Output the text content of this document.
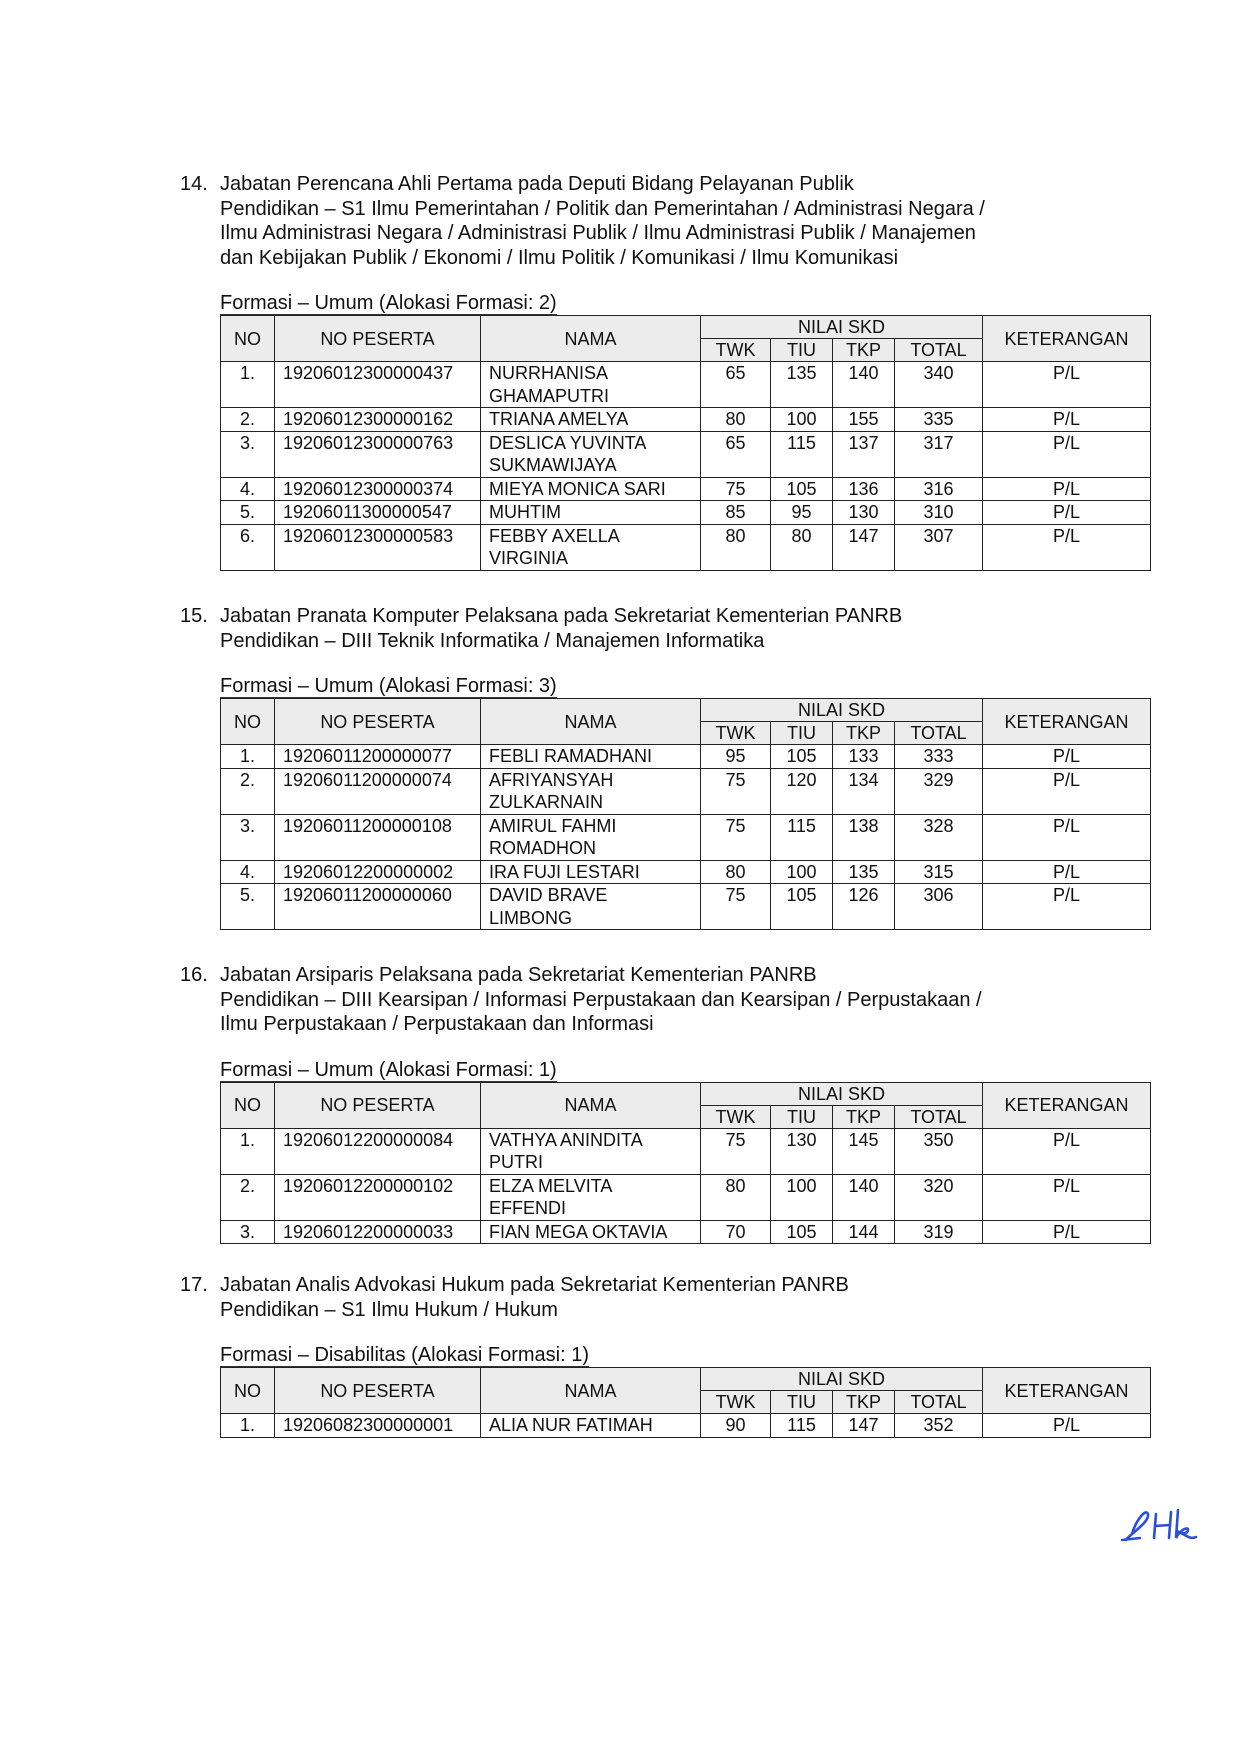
14. Jabatan Perencana Ahli Pertama pada Deputi Bidang Pelayanan Publik
Pendidikan – S1 Ilmu Pemerintahan / Politik dan Pemerintahan / Administrasi Negara /
Ilmu Administrasi Negara / Administrasi Publik / Ilmu Administrasi Publik / Manajemen
dan Kebijakan Publik / Ekonomi / Ilmu Politik / Komunikasi / Ilmu Komunikasi
Formasi – Umum (Alokasi Formasi: 2)
NO	NO PESERTA	NAMA	NILAI SKD				KETERANGAN
			TWK	TIU	TKP	TOTAL	
1.	19206012300000437	NURRHANISA GHAMAPUTRI	65	135	140	340	P/L
2.	19206012300000162	TRIANA AMELYA	80	100	155	335	P/L
3.	19206012300000763	DESLICA YUVINTA SUKMAWIJAYA	65	115	137	317	P/L
4.	19206012300000374	MIEYA MONICA SARI	75	105	136	316	P/L
5.	19206011300000547	MUHTIM	85	95	130	310	P/L
6.	19206012300000583	FEBBY AXELLA VIRGINIA	80	80	147	307	P/L
15. Jabatan Pranata Komputer Pelaksana pada Sekretariat Kementerian PANRB
Pendidikan – DIII Teknik Informatika / Manajemen Informatika
Formasi – Umum (Alokasi Formasi: 3)
NO	NO PESERTA	NAMA	NILAI SKD				KETERANGAN
			TWK	TIU	TKP	TOTAL	
1.	19206011200000077	FEBLI RAMADHANI	95	105	133	333	P/L
2.	19206011200000074	AFRIYANSYAH ZULKARNAIN	75	120	134	329	P/L
3.	19206011200000108	AMIRUL FAHMI ROMADHON	75	115	138	328	P/L
4.	19206012200000002	IRA FUJI LESTARI	80	100	135	315	P/L
5.	19206011200000060	DAVID BRAVE LIMBONG	75	105	126	306	P/L
16. Jabatan Arsiparis Pelaksana pada Sekretariat Kementerian PANRB
Pendidikan – DIII Kearsipan / Informasi Perpustakaan dan Kearsipan / Perpustakaan /
Ilmu Perpustakaan / Perpustakaan dan Informasi
Formasi – Umum (Alokasi Formasi: 1)
NO	NO PESERTA	NAMA	NILAI SKD				KETERANGAN
			TWK	TIU	TKP	TOTAL	
1.	19206012200000084	VATHYA ANINDITA PUTRI	75	130	145	350	P/L
2.	19206012200000102	ELZA MELVITA EFFENDI	80	100	140	320	P/L
3.	19206012200000033	FIAN MEGA OKTAVIA	70	105	144	319	P/L
17. Jabatan Analis Advokasi Hukum pada Sekretariat Kementerian PANRB
Pendidikan – S1 Ilmu Hukum / Hukum
Formasi – Disabilitas (Alokasi Formasi: 1)
NO	NO PESERTA	NAMA	NILAI SKD				KETERANGAN
			TWK	TIU	TKP	TOTAL	
1.	19206082300000001	ALIA NUR FATIMAH	90	115	147	352	P/L
